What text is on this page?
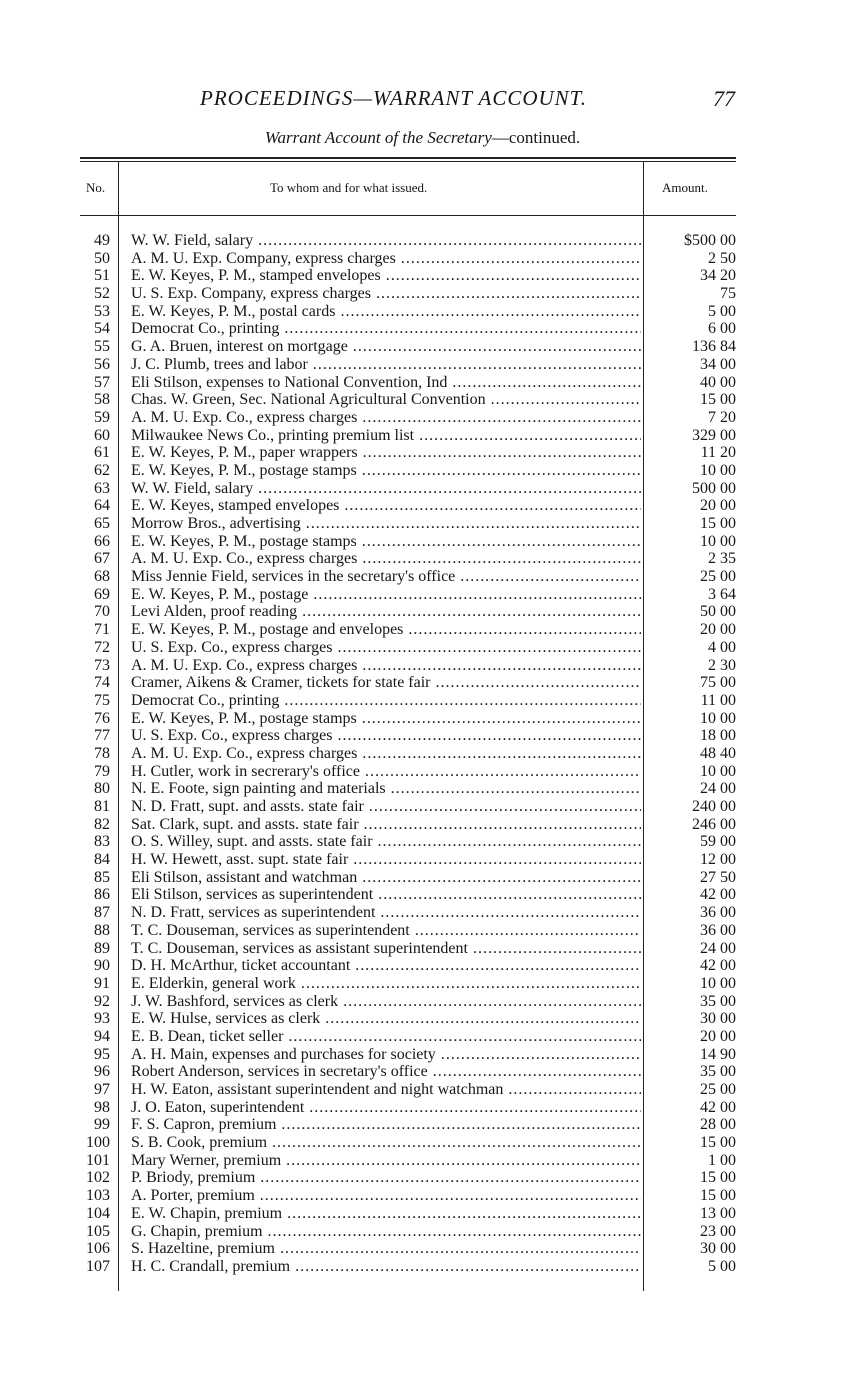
PROCEEDINGS—WARRANT ACCOUNT.	77
Warrant Account of the Secretary—continued.
No.	To whom and for what issued.	Amount.
49 W. W. Field, salary .....	$500 00
50 A. M. U. Exp. Company, express charges .....	2 50
51 E. W. Keyes, P. M., stamped envelopes .....	34 20
52 U. S. Exp. Company, express charges .....	75
53 E. W. Keyes, P. M., postal cards .....	5 00
54 Democrat Co., printing .....	6 00
55 G. A. Bruen, interest on mortgage .....	136 84
56 J. C. Plumb, trees and labor .....	34 00
57 Eli Stilson, expenses to National Convention, Ind .....	40 00
58 Chas. W. Green, Sec. National Agricultural Convention .....	15 00
59 A. M. U. Exp. Co., express charges .....	7 20
60 Milwaukee News Co., printing premium list .....	329 00
61 E. W. Keyes, P. M., paper wrappers .....	11 20
62 E. W. Keyes, P. M., postage stamps .....	10 00
63 W. W. Field, salary .....	500 00
64 E. W. Keyes, stamped envelopes .....	20 00
65 Morrow Bros., advertising .....	15 00
66 E. W. Keyes, P. M., postage stamps .....	10 00
67 A. M. U. Exp. Co., express charges .....	2 35
68 Miss Jennie Field, services in the secretary's office .....	25 00
69 E. W. Keyes, P. M., postage .....	3 64
70 Levi Alden, proof reading .....	50 00
71 E. W. Keyes, P. M., postage and envelopes .....	20 00
72 U. S. Exp. Co., express charges .....	4 00
73 A. M. U. Exp. Co., express charges .....	2 30
74 Cramer, Aikens & Cramer, tickets for state fair .....	75 00
75 Democrat Co., printing .....	11 00
76 E. W. Keyes, P. M., postage stamps .....	10 00
77 U. S. Exp. Co., express charges .....	18 00
78 A. M. U. Exp. Co., express charges .....	48 40
79 H. Cutler, work in secrerary's office .....	10 00
80 N. E. Foote, sign painting and materials .....	24 00
81 N. D. Fratt, supt. and assts. state fair .....	240 00
82 Sat. Clark, supt. and assts. state fair .....	246 00
83 O. S. Willey, supt. and assts. state fair .....	59 00
84 H. W. Hewett, asst. supt. state fair .....	12 00
85 Eli Stilson, assistant and watchman .....	27 50
86 Eli Stilson, services as superintendent .....	42 00
87 N. D. Fratt, services as superintendent .....	36 00
88 T. C. Douseman, services as superintendent .....	36 00
89 T. C. Douseman, services as assistant superintendent .....	24 00
90 D. H. McArthur, ticket accountant .....	42 00
91 E. Elderkin, general work .....	10 00
92 J. W. Bashford, services as clerk .....	35 00
93 E. W. Hulse, services as clerk .....	30 00
94 E. B. Dean, ticket seller .....	20 00
95 A. H. Main, expenses and purchases for society .....	14 90
96 Robert Anderson, services in secretary's office .....	35 00
97 H. W. Eaton, assistant superintendent and night watchman .....	25 00
98 J. O. Eaton, superintendent .....	42 00
99 F. S. Capron, premium .....	28 00
100 S. B. Cook, premium .....	15 00
101 Mary Werner, premium .....	1 00
102 P. Briody, premium .....	15 00
103 A. Porter, premium .....	15 00
104 E. W. Chapin, premium .....	13 00
105 G. Chapin, premium .....	23 00
106 S. Hazeltine, premium .....	30 00
107 H. C. Crandall, premium .....	5 00
